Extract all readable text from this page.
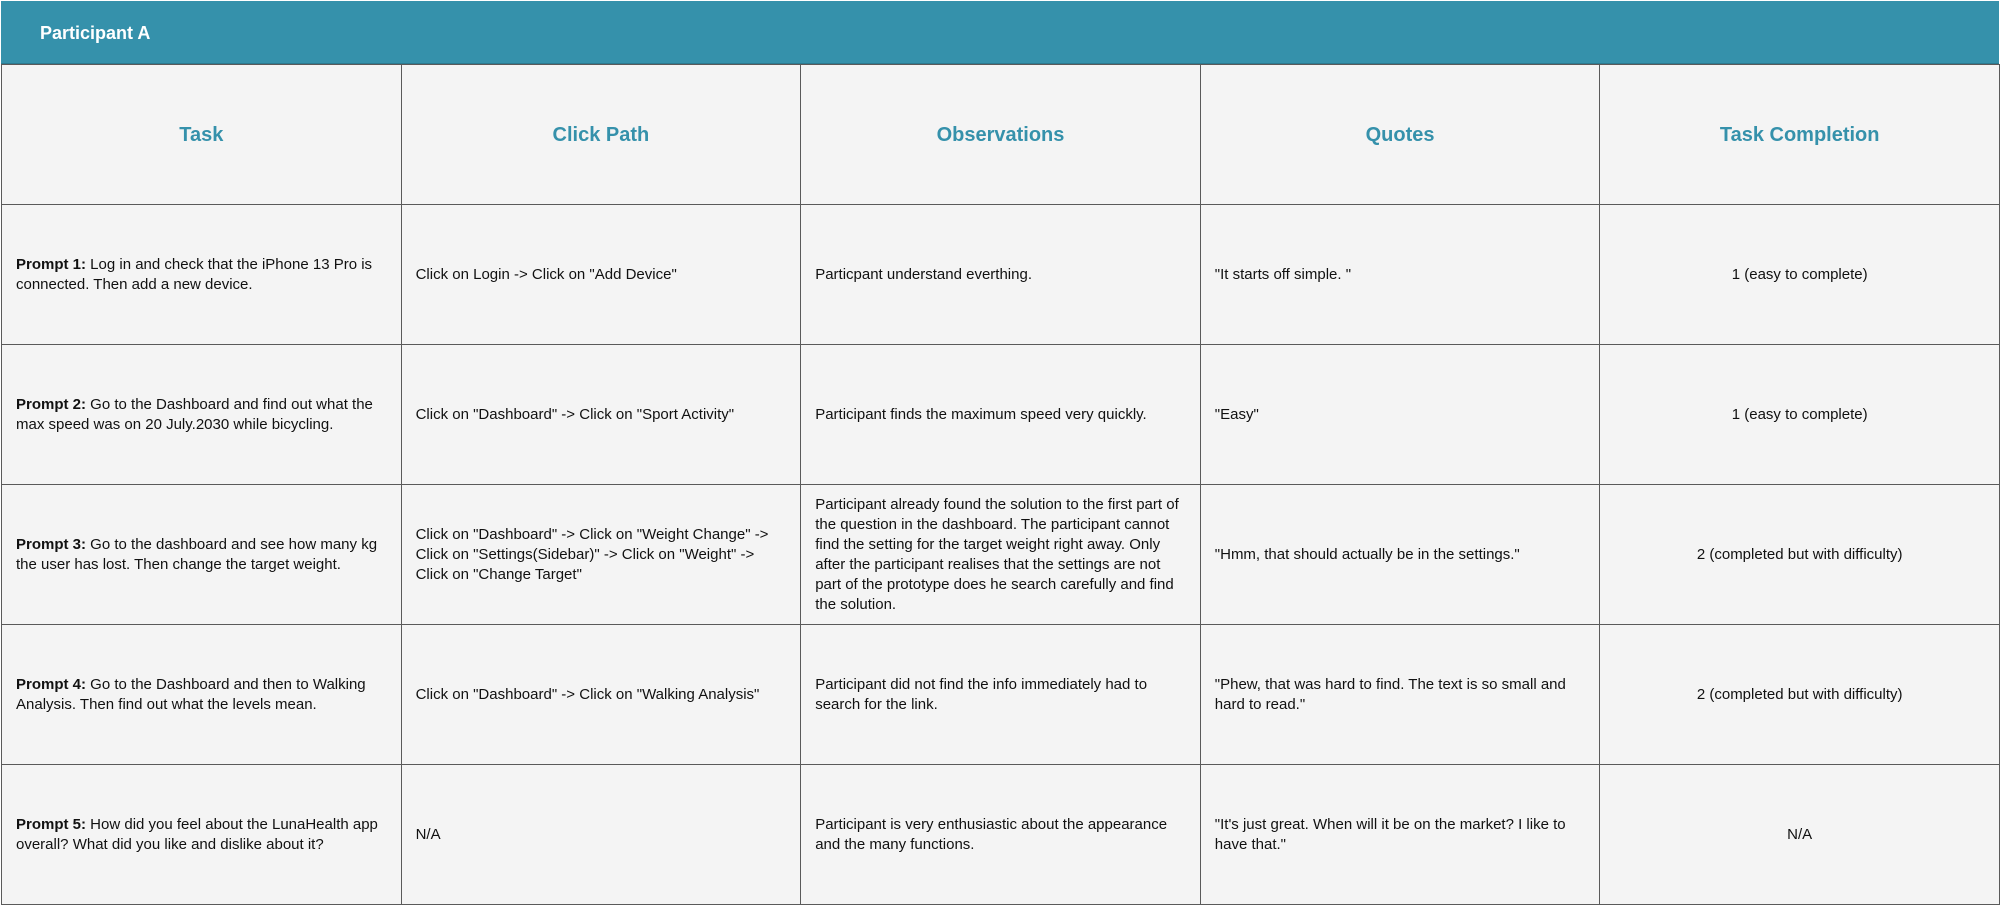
Participant A
Task	Click Path	Observations	Quotes	Task Completion
Prompt 1: Log in and check that the iPhone 13 Pro is connected. Then add a new device.	Click on Login -> Click on "Add Device"	Particpant understand everthing.	"It starts off simple. "	1 (easy to complete)
Prompt 2: Go to the Dashboard and find out what the max speed was on 20 July.2030 while bicycling.	Click on "Dashboard" -> Click on "Sport Activity"	Participant finds the maximum speed very quickly.	"Easy"	1 (easy to complete)
Prompt 3: Go to the dashboard and see how many kg the user has lost. Then change the target weight.	Click on "Dashboard" -> Click on "Weight Change" -> Click on "Settings(Sidebar)" -> Click on "Weight" -> Click on "Change Target"	Participant already found the solution to the first part of the question in the dashboard. The participant cannot find the setting for the target weight right away. Only after the participant realises that the settings are not part of the prototype does he search carefully and find the solution.	"Hmm, that should actually be in the settings."	2 (completed but with difficulty)
Prompt 4: Go to the Dashboard and then to Walking Analysis. Then find out what the levels mean.	Click on "Dashboard" -> Click on "Walking Analysis"	Participant did not find the info immediately had to search for the link.	"Phew, that was hard to find. The text is so small and hard to read."	2 (completed but with difficulty)
Prompt 5: How did you feel about the LunaHealth app overall? What did you like and dislike about it?	N/A	Participant is very enthusiastic about the appearance and the many functions.	"It's just great. When will it be on the market? I like to have that."	N/A
